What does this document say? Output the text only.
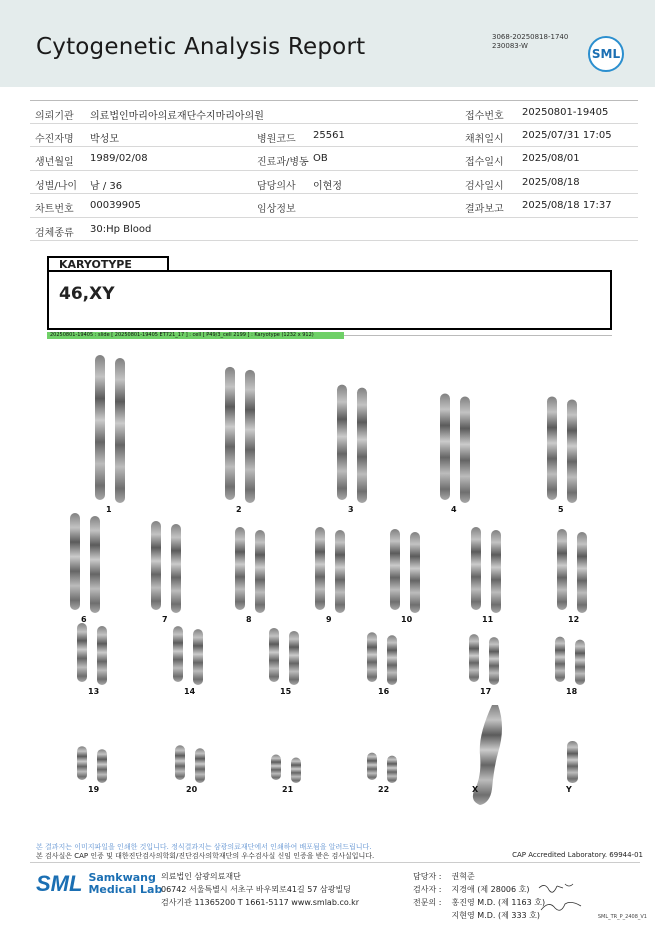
Cytogenetic Analysis Report	3068-20250818-1740
230083-W
SML
의뢰기관 의료법인마리아의료재단수지마리아의원	접수번호 20250801-19405
수진자명 박성모	병원코드 25561	채취일시 2025/07/31 17:05
생년월일 1989/02/08	진료과/병동 OB	접수일시 2025/08/01
성별/나이 남 / 36	담당의사 이현정	검사일시 2025/08/18
차트번호 00039905	임상정보	결과보고 2025/08/18 17:37
검체종류 30:Hp Blood
KARYOTYPE
46,XY
20250801-19405 : slide [ 20250801-19405 ET721_17 ] : cell [ P49/3_cell 2199 ] : Karyotype (1232 x 912)
1	2	3	4	5
6	7	8	9	10	11	12
13	14	15	16	17	18
19	20	21	22	X	Y
본 결과지는 이미지파일을 인쇄한 것입니다. 정식결과지는 삼광의료재단에서 인쇄하여 배포됨을 알려드립니다.
본 검사실은 CAP 인증 및 대한진단검사의학회/진단검사의학재단의 우수검사실 신임 인증을 받은 검사실입니다.	CAP Accredited Laboratory. 69944-01
SML Samkwang
Medical Lab
의료법인 삼광의료재단
06742 서울특별시 서초구 바우뫼로41길 57 삼광빌딩
검사기관 11365200 T 1661-5117 www.smlab.co.kr
담당자 : 권혁준
검사자 : 지경애 (제 28006 호)
전문의 : 홍진영 M.D. (제 1163 호)
지현영 M.D. (제 333 호)	SML_TR_P_2408_V1
